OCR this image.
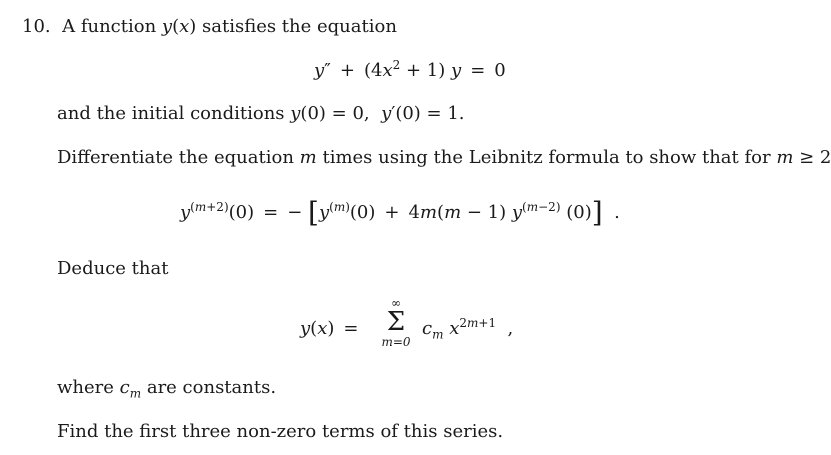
10.  A function y(x) satisfies the equation
$y'' + (4x^2 + 1) y = 0$
and the initial conditions y(0) = 0,  y′(0) = 1.
Differentiate the equation m times using the Leibnitz formula to show that for m ≥ 2
$y^{(m+2)}(0)$ = − [$y^{(m)}(0) + 4m(m - 1)$ $y^{(m-2)}$ (0)]  .
Deduce that
y(x) =
∞
Σ
m=0
$c_m$ $x^{2m+1}$  ,
where $c_m$ are constants.
Find the first three non-zero terms of this series.
